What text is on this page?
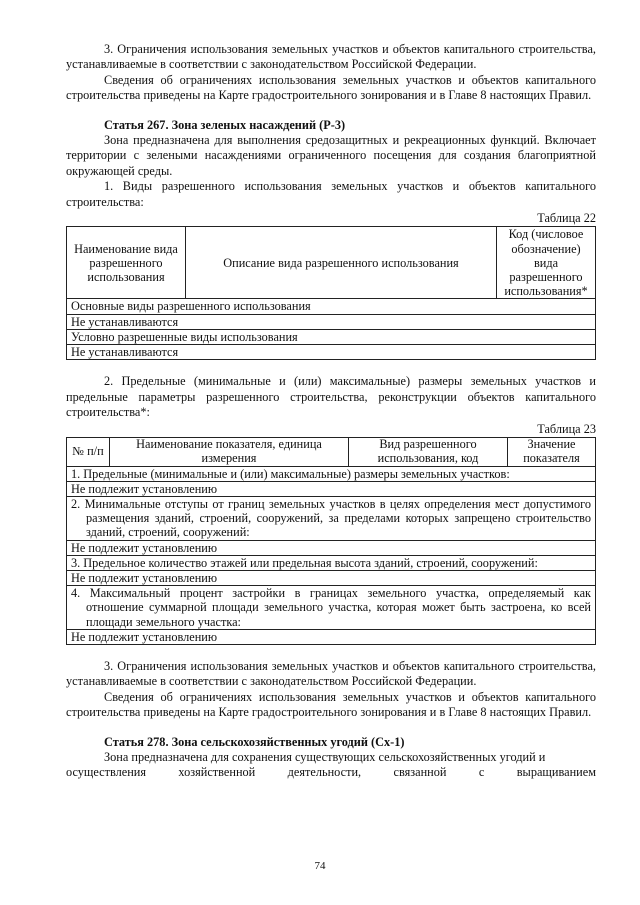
3. Ограничения использования земельных участков и объектов капитального строительства, устанавливаемые в соответствии с законодательством Российской Федерации.

Сведения об ограничениях использования земельных участков и объектов капитального строительства приведены на Карте градостроительного зонирования и в Главе 8 настоящих Правил.

Статья 267. Зона зеленых насаждений (Р-3)

Зона предназначена для выполнения средозащитных и рекреационных функций. Включает территории с зелеными насаждениями ограниченного посещения для создания благоприятной окружающей среды.

1. Виды разрешенного использования земельных участков и объектов капитального строительства:

Таблица 22

Наименование вида разрешенного использования	Описание вида разрешенного использования	Код (числовое обозначение) вида разрешенного использования*
Основные виды разрешенного использования
Не устанавливаются
Условно разрешенные виды использования
Не устанавливаются

2. Предельные (минимальные и (или) максимальные) размеры земельных участков и предельные параметры разрешенного строительства, реконструкции объектов капитального строительства*:

Таблица 23

№ п/п	Наименование показателя, единица измерения	Вид разрешенного использования, код	Значение показателя
1. Предельные (минимальные и (или) максимальные) размеры земельных участков:
Не подлежит установлению
2. Минимальные отступы от границ земельных участков в целях определения мест допустимого размещения зданий, строений, сооружений, за пределами которых запрещено строительство зданий, строений, сооружений:
Не подлежит установлению
3. Предельное количество этажей или предельная высота зданий, строений, сооружений:
Не подлежит установлению
4. Максимальный процент застройки в границах земельного участка, определяемый как отношение суммарной площади земельного участка, которая может быть застроена, ко всей площади земельного участка:
Не подлежит установлению

3. Ограничения использования земельных участков и объектов капитального строительства, устанавливаемые в соответствии с законодательством Российской Федерации.

Сведения об ограничениях использования земельных участков и объектов капитального строительства приведены на Карте градостроительного зонирования и в Главе 8 настоящих Правил.

Статья 278. Зона сельскохозяйственных угодий (Сх-1)

Зона предназначена для сохранения существующих сельскохозяйственных угодий и

осуществления	хозяйственной	деятельности,	связанной	с	выращиванием
74
